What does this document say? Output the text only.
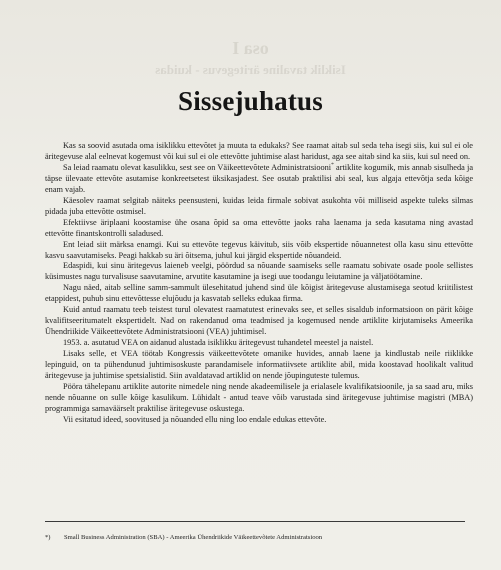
osa I
Isiklik tavaline äritegevus - kuidas
Sissejuhatus

Kas sa soovid asutada oma isiklikku ettevõtet ja muuta ta edukaks? See raamat aitab sul seda teha isegi siis, kui sul ei ole äritegevuse alal eelnevat kogemust või kui sul ei ole ettevõtte juhtimise alast haridust, aga see aitab sind ka siis, kui sul need on.

Sa leiad raamatu olevat kasulikku, sest see on Väikeettevõtete Administratsiooni* artiklite kogumik, mis annab sisulheda ja täpse ülevaate ettevõte asutamise konkreetsetest üksikasjadest. See osutab praktilisi abi seal, kus algaja ettevõtja seda kõige enam vajab.

Käesolev raamat selgitab näiteks peensusteni, kuidas leida firmale sobivat asukohta või milliseid aspekte tuleks silmas pidada juba ettevõtte ostmisel.

Efektiivse äriplaani koostamise ühe osana õpid sa oma ettevõtte jaoks raha laenama ja seda kasutama ning avastad ettevõtte finantskontrolli saladused.

Ent leiad siit märksa enamgi. Kui su ettevõte tegevus käivitub, siis võib ekspertide nõuannetest olla kasu sinu ettevõtte kasvu saavutamiseks. Peagi hakkab su äri õitsema, juhul kui järgid ekspertide nõuandeid.

Edaspidi, kui sinu äritegevus laieneb veelgi, pöördud sa nõuande saamiseks selle raamatu sobivate osade poole sellistes küsimustes nagu turvalisuse saavutamine, arvutite kasutamine ja isegi uue toodangu leiutamine ja väljatöötamine.

Nagu näed, aitab selline samm-sammult ülesehitatud juhend sind üle kõigist äritegevuse alustamisega seotud kriitilistest etappidest, puhub sinu ettevõttesse elujõudu ja kasvatab selleks edukaa firma.

Kuid antud raamatu teeb teistest turul olevatest raamatutest erinevaks see, et selles sisaldub informatsioon on pärit kõige kvalifitseeritumatelt ekspertidelt. Nad on rakendanud oma teadmised ja kogemused nende artiklite kirjutamiseks Ameerika Ühendriikide Väikeettevõtete Administratsiooni (VEA) juhtimisel.

1953. a. asutatud VEA on aidanud alustada isiklikku äritegevust tuhandetel meestel ja naistel.

Lisaks selle, et VEA töötab Kongressis väikeettevõtete omanike huvides, annab laene ja kindlustab neile riiklikke lepinguid, on ta pühendunud juhtimisoskuste parandamisele informatiivsete artiklite abil, mida koostavad hoolikalt valitud äritegevuse ja juhtimise spetsialistid. Siin avaldatavad artiklid on nende jõupinguteste tulemus.

Pööra tähelepanu artiklite autorite nimedele ning nende akadeemilisele ja erialasele kvalifikatsioonile, ja sa saad aru, miks nende nõuanne on sulle kõige kasulikum. Lühidalt - antud teave võib varustada sind äritegevuse juhtimise magistri (MBA) programmiga samaväärselt praktilise äritegevuse oskustega.

Vii esitatud ideed, soovitused ja nõuanded ellu ning loo endale edukas ettevõte.

*) Small Business Administration (SBA) - Ameerika Ühendriikide Väikeettevõtete Administratsioon
